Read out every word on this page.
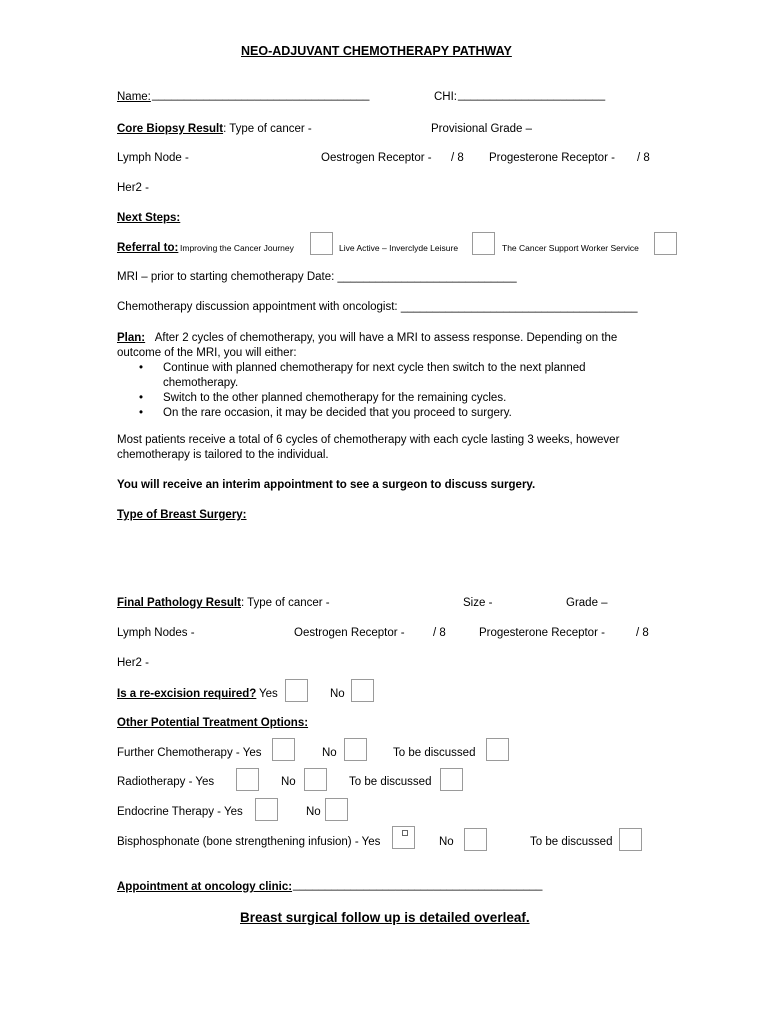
NEO-ADJUVANT CHEMOTHERAPY PATHWAY
Name: __________________________________	CHI: _______________________
Core Biopsy Result: Type of cancer -	Provisional Grade –
Lymph Node -	Oestrogen Receptor - / 8 Progesterone Receptor - / 8
Her2 -
Next Steps:
Referral to: Improving the Cancer Journey	Live Active – Inverclyde Leisure	The Cancer Support Worker Service
MRI – prior to starting chemotherapy Date: ____________________________
Chemotherapy discussion appointment with oncologist: _____________________________________
Plan: After 2 cycles of chemotherapy, you will have a MRI to assess response. Depending on the outcome of the MRI, you will either:
• Continue with planned chemotherapy for next cycle then switch to the next planned chemotherapy.
• Switch to the other planned chemotherapy for the remaining cycles.
• On the rare occasion, it may be decided that you proceed to surgery.
Most patients receive a total of 6 cycles of chemotherapy with each cycle lasting 3 weeks, however chemotherapy is tailored to the individual.
You will receive an interim appointment to see a surgeon to discuss surgery.
Type of Breast Surgery:
Final Pathology Result: Type of cancer -	Size -	Grade –
Lymph Nodes -	Oestrogen Receptor - / 8	Progesterone Receptor -	/ 8
Her2 -
Is a re-excision required? Yes	No
Other Potential Treatment Options:
Further Chemotherapy - Yes	No	To be discussed
Radiotherapy - Yes	No	To be discussed
Endocrine Therapy - Yes	No
Bisphosphonate (bone strengthening infusion) - Yes	No	To be discussed
Appointment at oncology clinic: _______________________________________
Breast surgical follow up is detailed overleaf.
